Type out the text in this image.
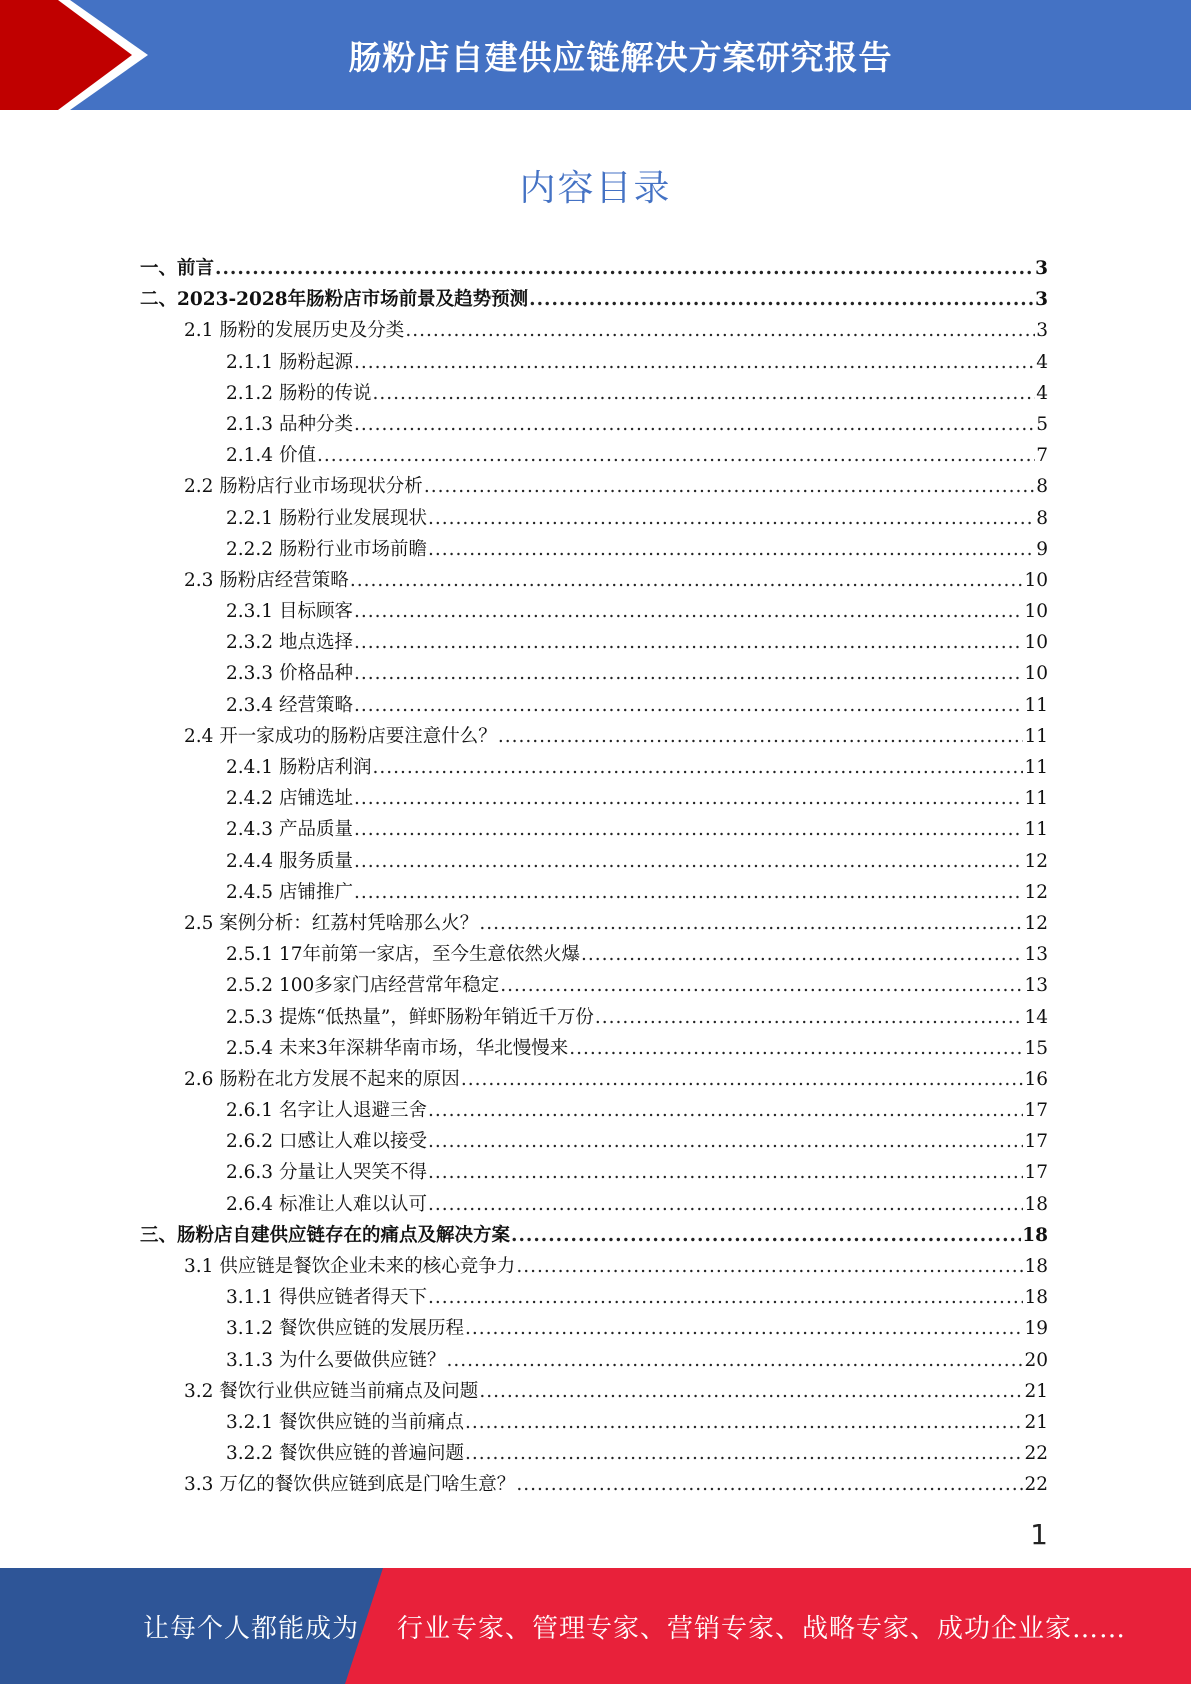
肠粉店自建供应链解决方案研究报告
内容目录
一、前言 .....	3
二、2023-2028年肠粉店市场前景及趋势预测 .....	3
2.1 肠粉的发展历史及分类 .....	3
2.1.1 肠粉起源 .....	4
2.1.2 肠粉的传说 .....	4
2.1.3 品种分类 .....	5
2.1.4 价值 .....	7
2.2 肠粉店行业市场现状分析 .....	8
2.2.1 肠粉行业发展现状 .....	8
2.2.2 肠粉行业市场前瞻 .....	9
2.3 肠粉店经营策略 .....	10
2.3.1 目标顾客 .....	10
2.3.2 地点选择 .....	10
2.3.3 价格品种 .....	10
2.3.4 经营策略 .....	11
2.4 开一家成功的肠粉店要注意什么？ .....	11
2.4.1 肠粉店利润 .....	11
2.4.2 店铺选址 .....	11
2.4.3 产品质量 .....	11
2.4.4 服务质量 .....	12
2.4.5 店铺推广 .....	12
2.5 案例分析：红荔村凭啥那么火？ .....	12
2.5.1 17年前第一家店，至今生意依然火爆 .....	13
2.5.2 100多家门店经营常年稳定 .....	13
2.5.3 提炼“低热量”，鲜虾肠粉年销近千万份 .....	14
2.5.4 未来3年深耕华南市场，华北慢慢来 .....	15
2.6 肠粉在北方发展不起来的原因 .....	16
2.6.1 名字让人退避三舍 .....	17
2.6.2 口感让人难以接受 .....	17
2.6.3 分量让人哭笑不得 .....	17
2.6.4 标准让人难以认可 .....	18
三、肠粉店自建供应链存在的痛点及解决方案 .....	18
3.1 供应链是餐饮企业未来的核心竞争力 .....	18
3.1.1 得供应链者得天下 .....	18
3.1.2 餐饮供应链的发展历程 .....	19
3.1.3 为什么要做供应链？ .....	20
3.2 餐饮行业供应链当前痛点及问题 .....	21
3.2.1 餐饮供应链的当前痛点 .....	21
3.2.2 餐饮供应链的普遍问题 .....	22
3.3 万亿的餐饮供应链到底是门啥生意？ .....	22
1
让每个人都能成为 行业专家、管理专家、营销专家、战略专家、成功企业家……
